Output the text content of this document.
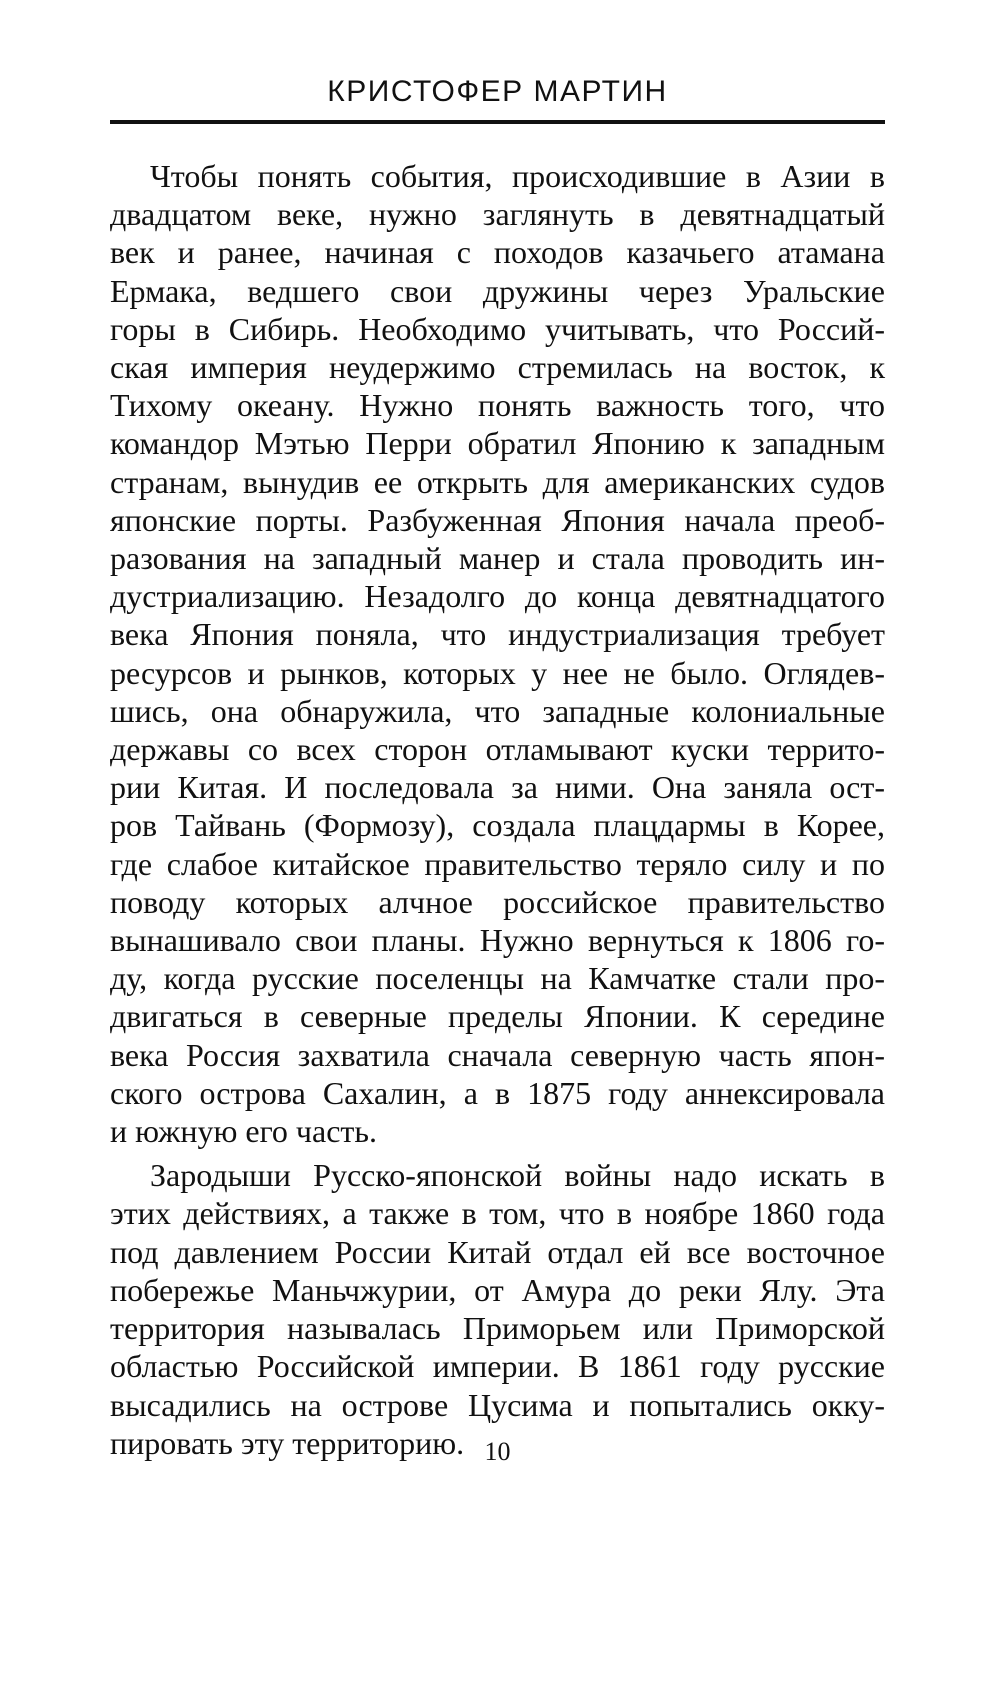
КРИСТОФЕР МАРТИН
Чтобы понять события, происходившие в Азии в
двадцатом веке, нужно заглянуть в девятнадцатый
век и ранее, начиная с походов казачьего атамана
Ермака, ведшего свои дружины через Уральские
горы в Сибирь. Необходимо учитывать, что Россий-
ская империя неудержимо стремилась на восток, к
Тихому океану. Нужно понять важность того, что
командор Мэтью Перри обратил Японию к западным
странам, вынудив ее открыть для американских судов
японские порты. Разбуженная Япония начала преоб-
разования на западный манер и стала проводить ин-
дустриализацию. Незадолго до конца девятнадцатого
века Япония поняла, что индустриализация требует
ресурсов и рынков, которых у нее не было. Оглядев-
шись, она обнаружила, что западные колониальные
державы со всех сторон отламывают куски террито-
рии Китая. И последовала за ними. Она заняла ост-
ров Тайвань (Формозу), создала плацдармы в Корее,
где слабое китайское правительство теряло силу и по
поводу которых алчное российское правительство
вынашивало свои планы. Нужно вернуться к 1806 го-
ду, когда русские поселенцы на Камчатке стали про-
двигаться в северные пределы Японии. К середине
века Россия захватила сначала северную часть япон-
ского острова Сахалин, а в 1875 году аннексировала
и южную его часть.
Зародыши Русско-японской войны надо искать в
этих действиях, а также в том, что в ноябре 1860 года
под давлением России Китай отдал ей все восточное
побережье Маньчжурии, от Амура до реки Ялу. Эта
территория называлась Приморьем или Приморской
областью Российской империи. В 1861 году русские
высадились на острове Цусима и попытались окку-
пировать эту территорию. 10
